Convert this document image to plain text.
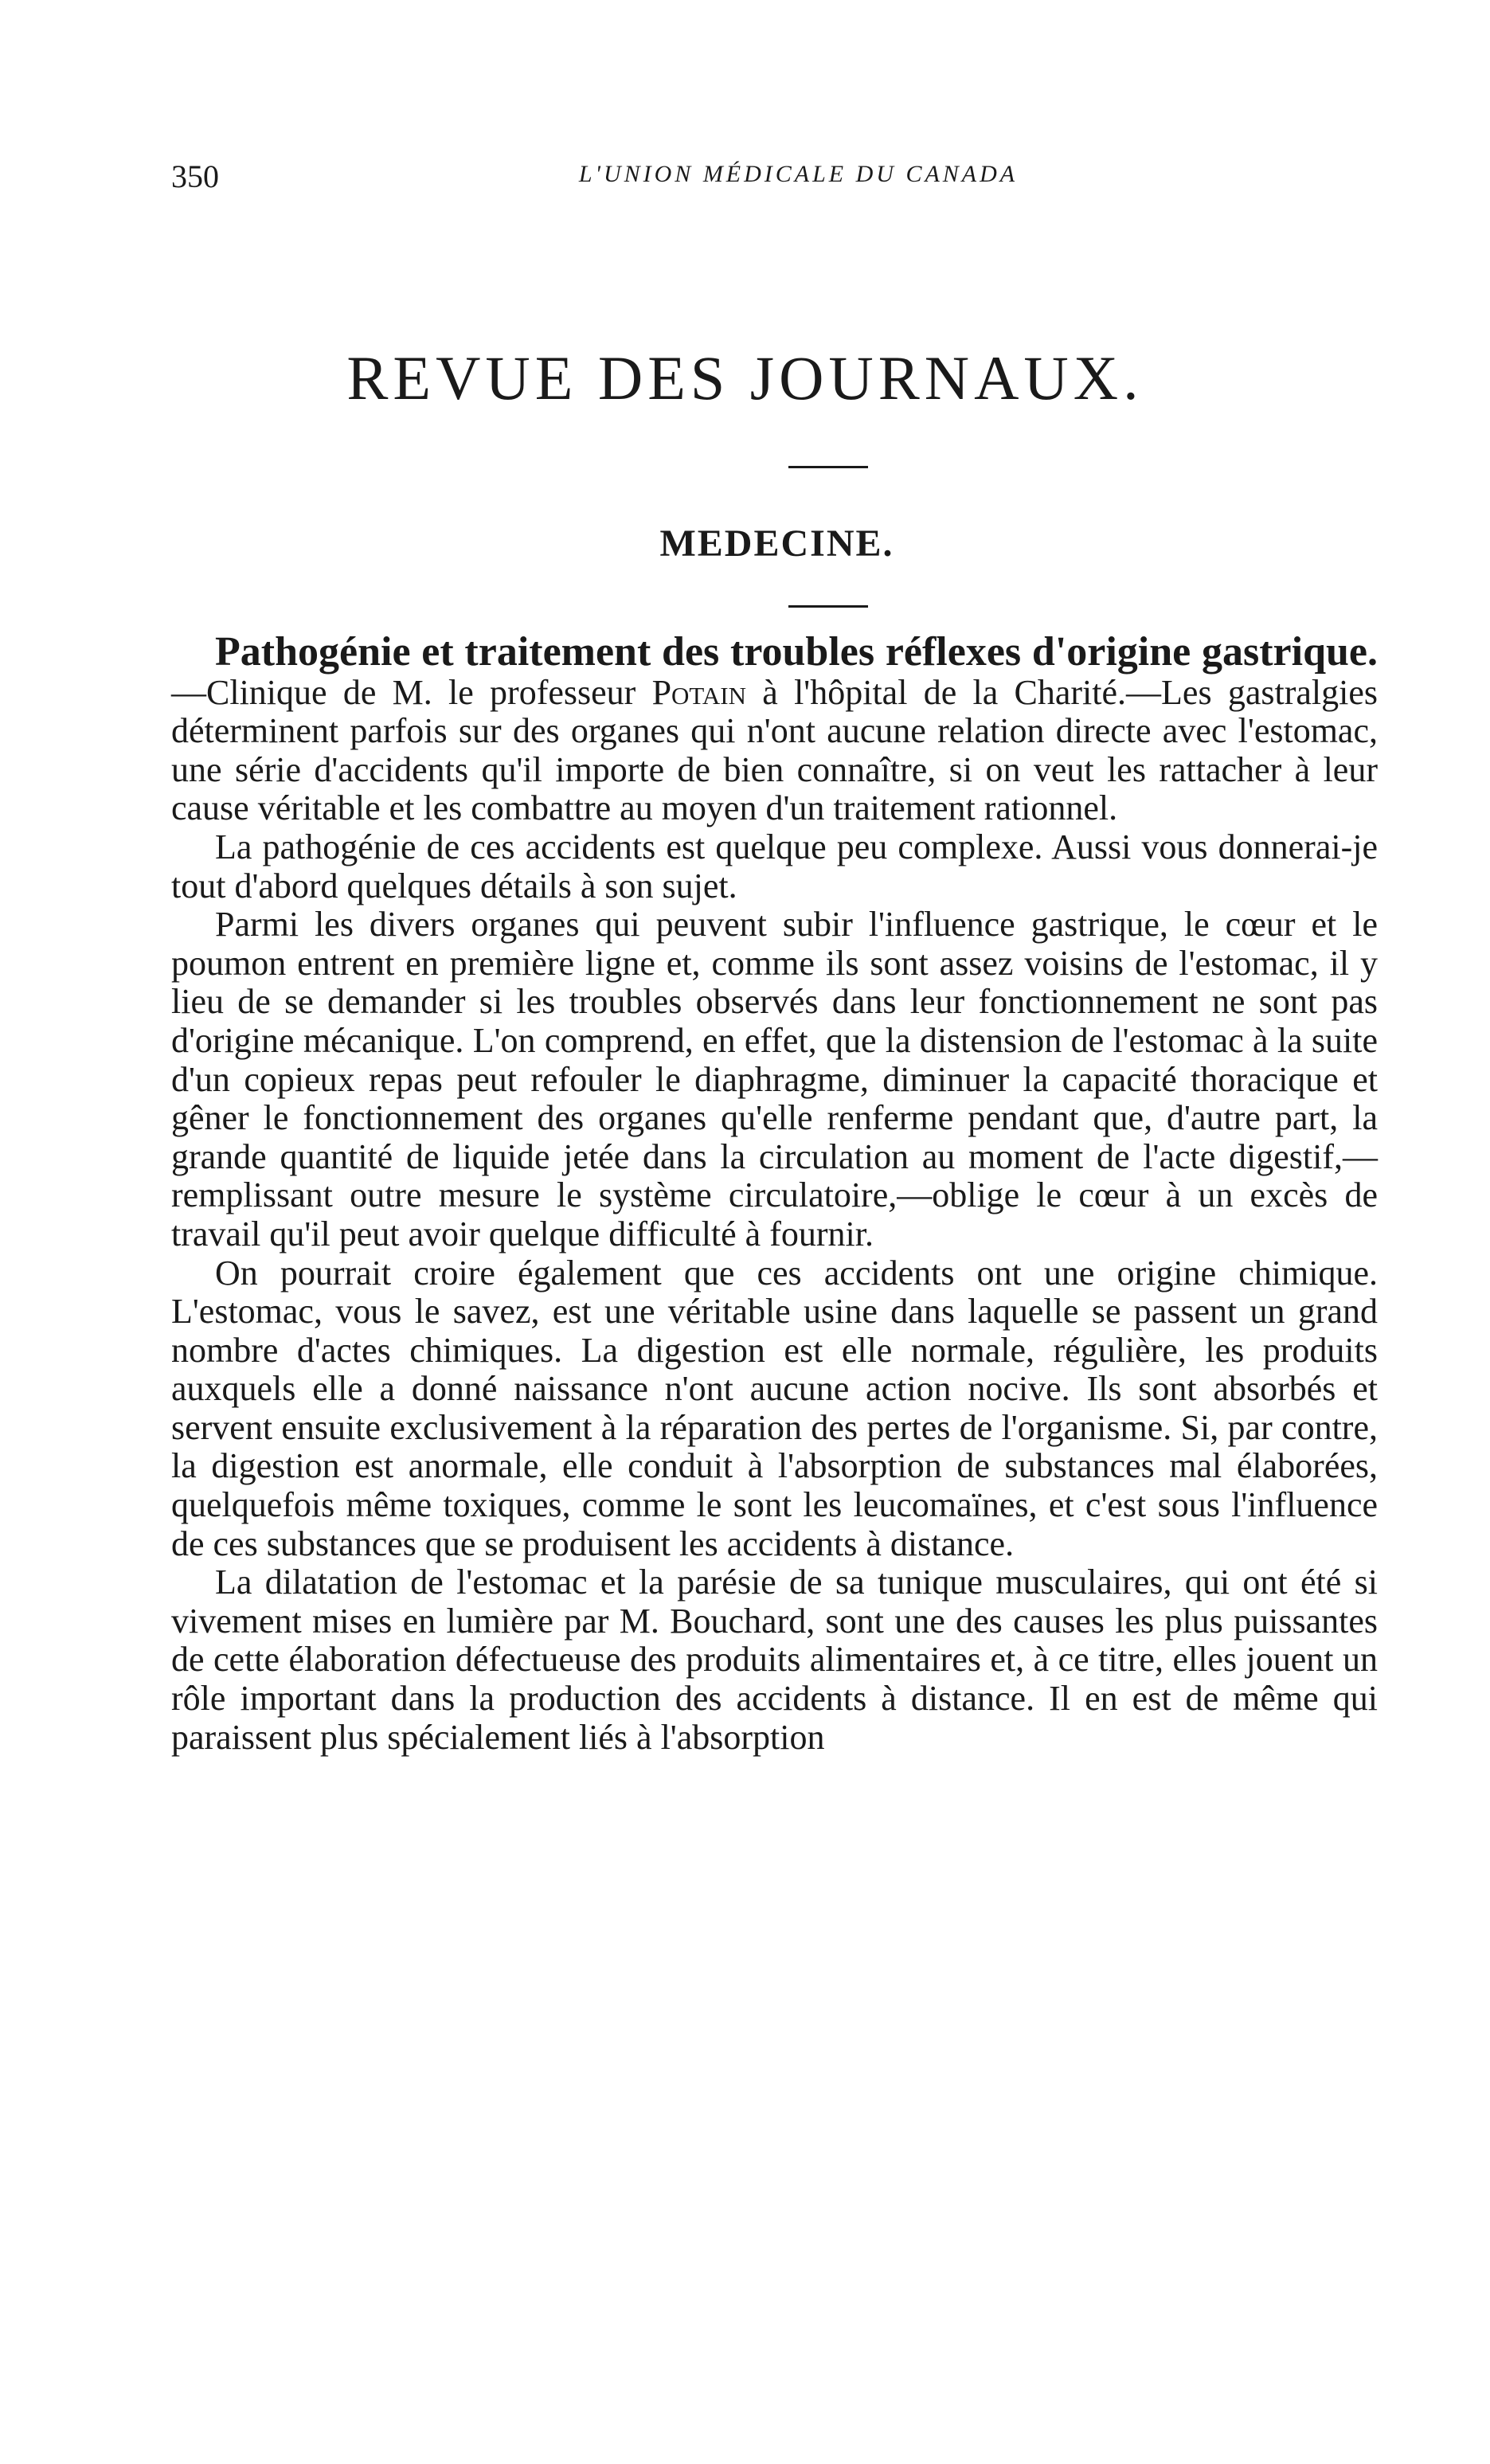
350	L'UNION MÉDICALE DU CANADA
REVUE DES JOURNAUX.
MEDECINE.

Pathogénie et traitement des troubles réflexes d'origine gastrique.—Clinique de M. le professeur Potain à l'hôpital de la Charité.—Les gastralgies déterminent parfois sur des organes qui n'ont aucune relation directe avec l'estomac, une série d'accidents qu'il importe de bien connaître, si on veut les rattacher à leur cause véritable et les combattre au moyen d'un traitement rationnel.

La pathogénie de ces accidents est quelque peu complexe. Aussi vous donnerai-je tout d'abord quelques détails à son sujet.

Parmi les divers organes qui peuvent subir l'influence gastrique, le cœur et le poumon entrent en première ligne et, comme ils sont assez voisins de l'estomac, il y lieu de se demander si les troubles observés dans leur fonctionnement ne sont pas d'origine mécanique. L'on comprend, en effet, que la distension de l'estomac à la suite d'un copieux repas peut refouler le diaphragme, diminuer la capacité thoracique et gêner le fonctionnement des organes qu'elle renferme pendant que, d'autre part, la grande quantité de liquide jetée dans la circulation au moment de l'acte digestif,—remplissant outre mesure le système circulatoire,—oblige le cœur à un excès de travail qu'il peut avoir quelque difficulté à fournir.

On pourrait croire également que ces accidents ont une origine chimique. L'estomac, vous le savez, est une véritable usine dans laquelle se passent un grand nombre d'actes chimiques. La digestion est elle normale, régulière, les produits auxquels elle a donné naissance n'ont aucune action nocive. Ils sont absorbés et servent ensuite exclusivement à la réparation des pertes de l'organisme. Si, par contre, la digestion est anormale, elle conduit à l'absorption de substances mal élaborées, quelquefois même toxiques, comme le sont les leucomaïnes, et c'est sous l'influence de ces substances que se produisent les accidents à distance.

La dilatation de l'estomac et la parésie de sa tunique musculaires, qui ont été si vivement mises en lumière par M. Bouchard, sont une des causes les plus puissantes de cette élaboration défectueuse des produits alimentaires et, à ce titre, elles jouent un rôle important dans la production des accidents à distance. Il en est de même qui paraissent plus spécialement liés à l'absorption
